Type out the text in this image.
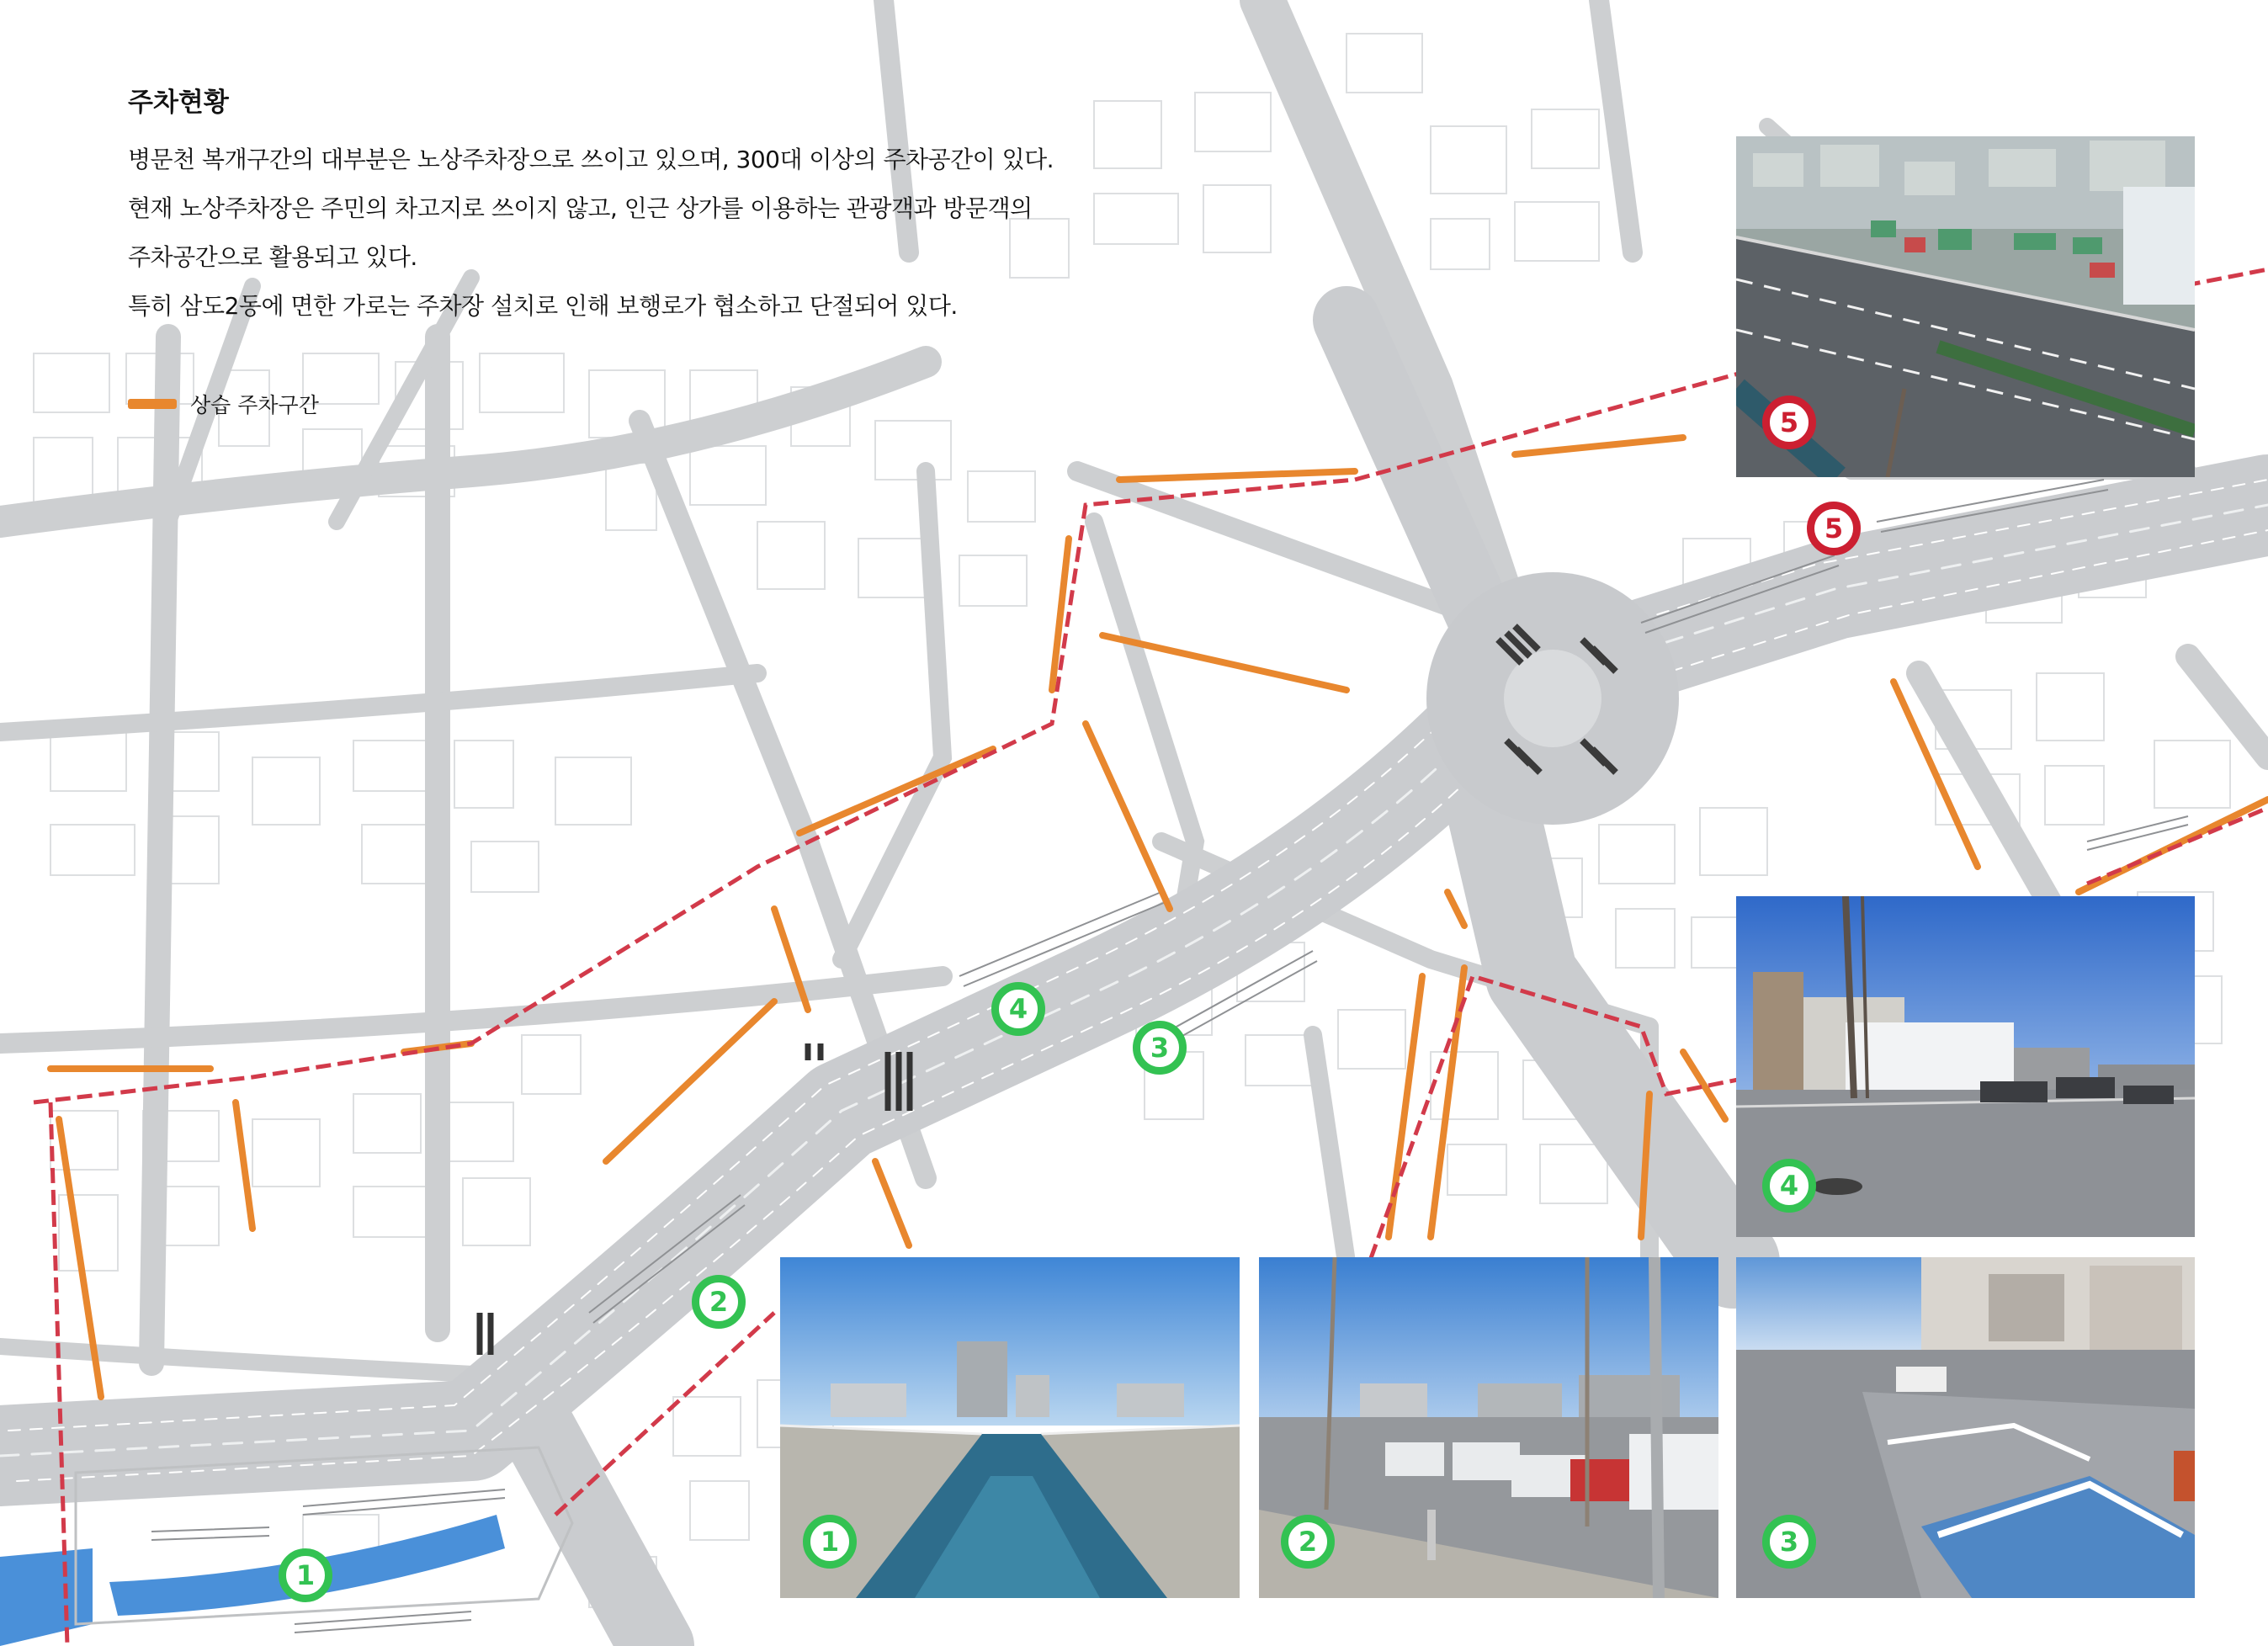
주차현황
병문천 복개구간의 대부분은 노상주차장으로 쓰이고 있으며, 300대 이상의 주차공간이 있다.
현재 노상주차장은 주민의 차고지로 쓰이지 않고, 인근 상가를 이용하는 관광객과 방문객의
주차공간으로 활용되고 있다.
특히 삼도2동에 면한 가로는 주차장 설치로 인해 보행로가 협소하고 단절되어 있다.
상습 주차구간
1
2
3
4
5
5
4
1	2	3
